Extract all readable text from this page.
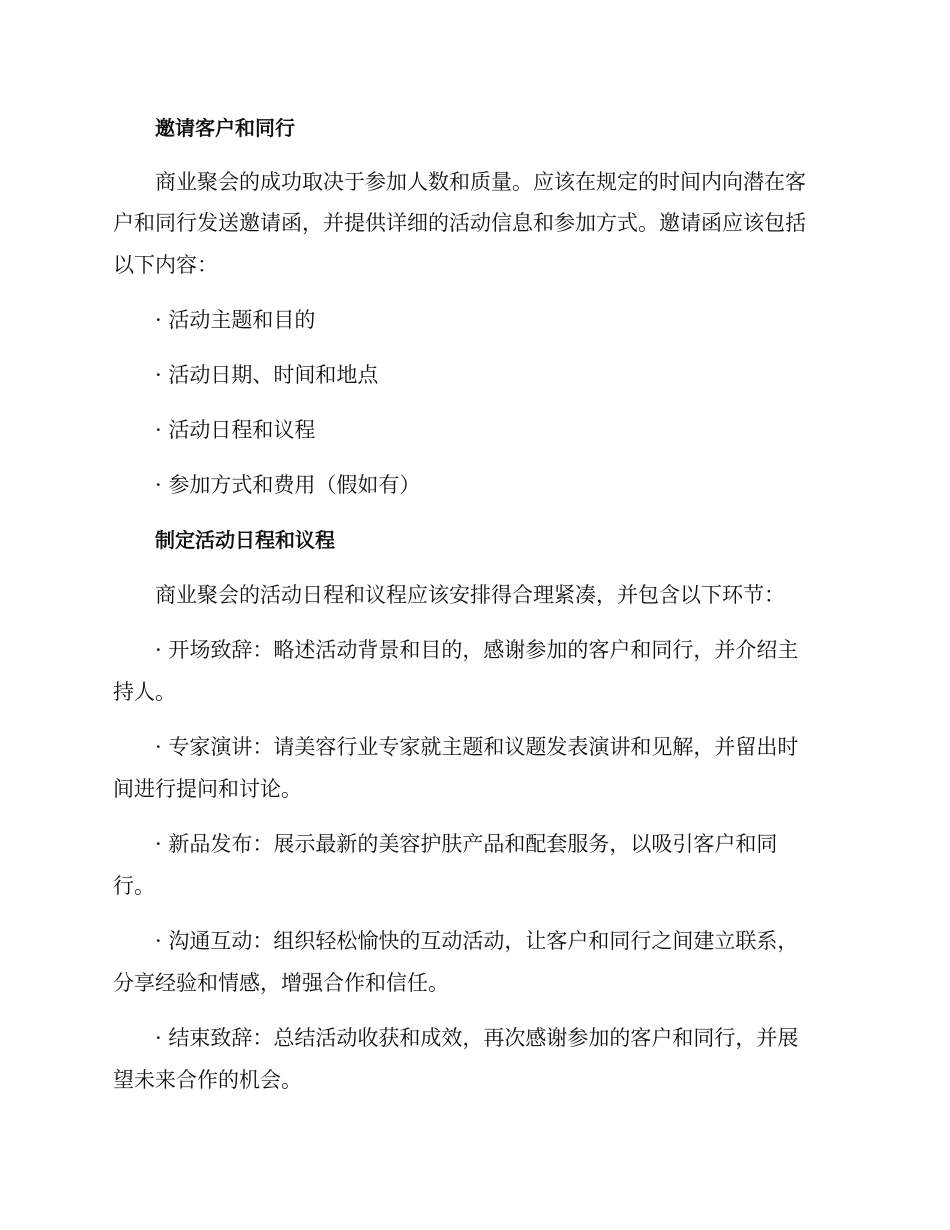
邀请客户和同行
商业聚会的成功取决于参加人数和质量。应该在规定的时间内向潜在客
户和同行发送邀请函，并提供详细的活动信息和参加方式。邀请函应该包括
以下内容：
· 活动主题和目的
· 活动日期、时间和地点
· 活动日程和议程
· 参加方式和费用（假如有）
制定活动日程和议程
商业聚会的活动日程和议程应该安排得合理紧凑，并包含以下环节：
· 开场致辞：略述活动背景和目的，感谢参加的客户和同行，并介绍主
持人。
· 专家演讲：请美容行业专家就主题和议题发表演讲和见解，并留出时
间进行提问和讨论。
· 新品发布：展示最新的美容护肤产品和配套服务，以吸引客户和同
行。
· 沟通互动：组织轻松愉快的互动活动，让客户和同行之间建立联系，
分享经验和情感，增强合作和信任。
· 结束致辞：总结活动收获和成效，再次感谢参加的客户和同行，并展
望未来合作的机会。
